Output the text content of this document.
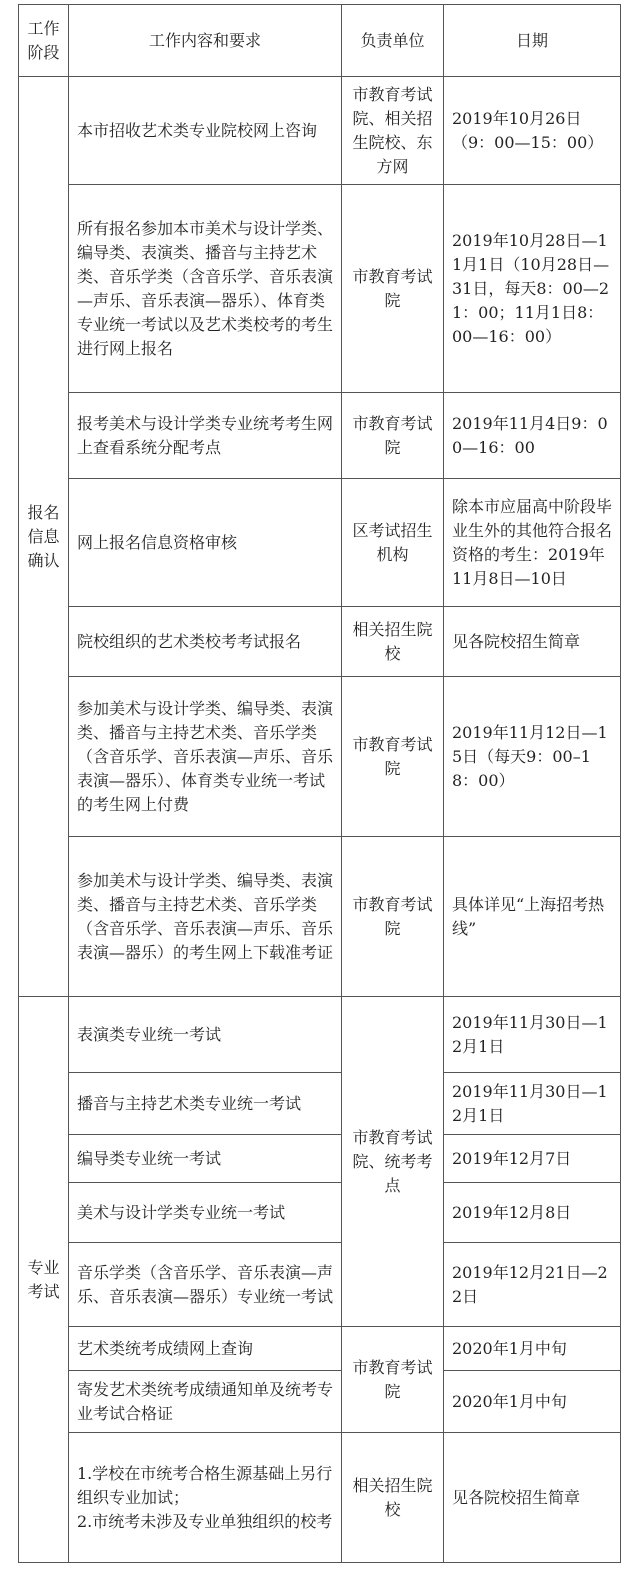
工作
阶段	工作内容和要求	负责单位	日期

报名
信息
确认	本市招收艺术类专业院校网上咨询	市教育考试院、相关招生院校、东方网	2019年10月26日（9：00—15：00）
	所有报名参加本市美术与设计学类、编导类、表演类、播音与主持艺术类、音乐学类（含音乐学、音乐表演—声乐、音乐表演—器乐）、体育类专业统一考试以及艺术类校考的考生进行网上报名	市教育考试院	2019年10月28日—11月1日（10月28日—31日，每天8：00—21：00；11月1日8：00—16：00）
	报考美术与设计学类专业统考考生网上查看系统分配考点	市教育考试院	2019年11月4日9：00—16：00
	网上报名信息资格审核	区考试招生机构	除本市应届高中阶段毕业生外的其他符合报名资格的考生：2019年11月8日—10日
	院校组织的艺术类校考考试报名	相关招生院校	见各院校招生简章
	参加美术与设计学类、编导类、表演类、播音与主持艺术类、音乐学类（含音乐学、音乐表演—声乐、音乐表演—器乐）、体育类专业统一考试的考生网上付费	市教育考试院	2019年11月12日—15日（每天9：00–18：00）
	参加美术与设计学类、编导类、表演类、播音与主持艺术类、音乐学类（含音乐学、音乐表演—声乐、音乐表演—器乐）的考生网上下载准考证	市教育考试院	具体详见“上海招考热线”

专业
考试	表演类专业统一考试	市教育考试院、统考考点	2019年11月30日—12月1日
	播音与主持艺术类专业统一考试		2019年11月30日—12月1日
	编导类专业统一考试		2019年12月7日
	美术与设计学类专业统一考试		2019年12月8日
	音乐学类（含音乐学、音乐表演—声乐、音乐表演—器乐）专业统一考试		2019年12月21日—22日
	艺术类统考成绩网上查询	市教育考试院	2020年1月中旬
	寄发艺术类统考成绩通知单及统考专业考试合格证		2020年1月中旬

	1.学校在市统考合格生源基础上另行组织专业加试；
2.市统考未涉及专业单独组织的校考	相关招生院校	见各院校招生简章
